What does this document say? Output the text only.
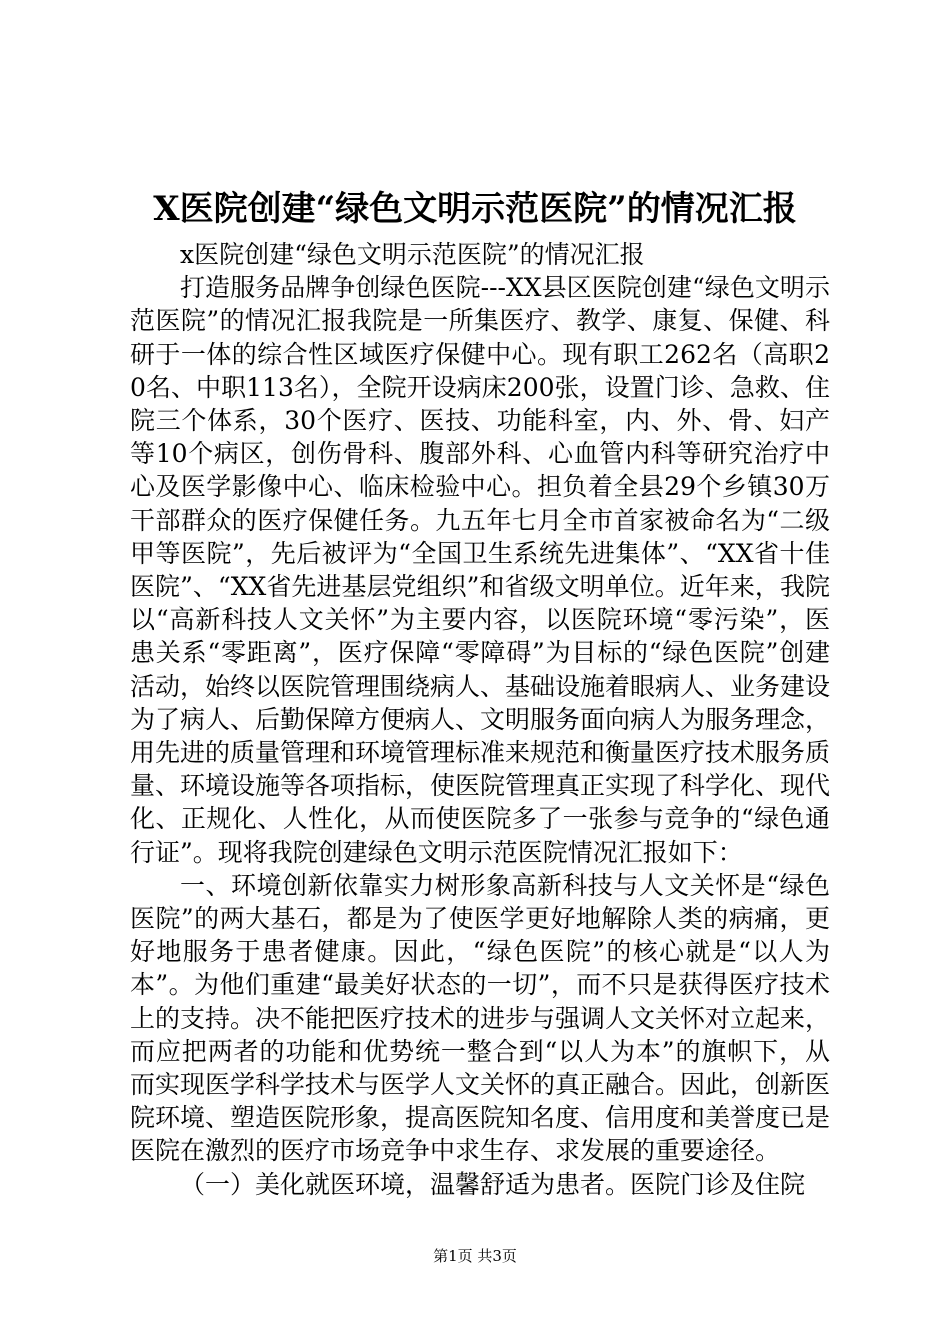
X医院创建“绿色文明示范医院”的情况汇报

x医院创建“绿色文明示范医院”的情况汇报

打造服务品牌争创绿色医院---XX县区医院创建“绿色文明示范医院”的情况汇报我院是一所集医疗、教学、康复、保健、科研于一体的综合性区域医疗保健中心。现有职工262名（高职20名、中职113名），全院开设病床200张，设置门诊、急救、住院三个体系，30个医疗、医技、功能科室，内、外、骨、妇产等10个病区，创伤骨科、腹部外科、心血管内科等研究治疗中心及医学影像中心、临床检验中心。担负着全县29个乡镇30万干部群众的医疗保健任务。九五年七月全市首家被命名为“二级甲等医院”，先后被评为“全国卫生系统先进集体”、“XX省十佳医院”、“XX省先进基层党组织”和省级文明单位。近年来，我院以“高新科技人文关怀”为主要内容，以医院环境“零污染”，医患关系“零距离”，医疗保障“零障碍”为目标的“绿色医院”创建活动，始终以医院管理围绕病人、基础设施着眼病人、业务建设为了病人、后勤保障方便病人、文明服务面向病人为服务理念，用先进的质量管理和环境管理标准来规范和衡量医疗技术服务质量、环境设施等各项指标，使医院管理真正实现了科学化、现代化、正规化、人性化，从而使医院多了一张参与竞争的“绿色通行证”。现将我院创建绿色文明示范医院情况汇报如下：

一、环境创新依靠实力树形象高新科技与人文关怀是“绿色医院”的两大基石，都是为了使医学更好地解除人类的病痛，更好地服务于患者健康。因此，“绿色医院”的核心就是“以人为本”。为他们重建“最美好状态的一切”，而不只是获得医疗技术上的支持。决不能把医疗技术的进步与强调人文关怀对立起来，而应把两者的功能和优势统一整合到“以人为本”的旗帜下，从而实现医学科学技术与医学人文关怀的真正融合。因此，创新医院环境、塑造医院形象，提高医院知名度、信用度和美誉度已是医院在激烈的医疗市场竞争中求生存、求发展的重要途径。

（一）美化就医环境，温馨舒适为患者。医院门诊及住院

第1页 共3页
